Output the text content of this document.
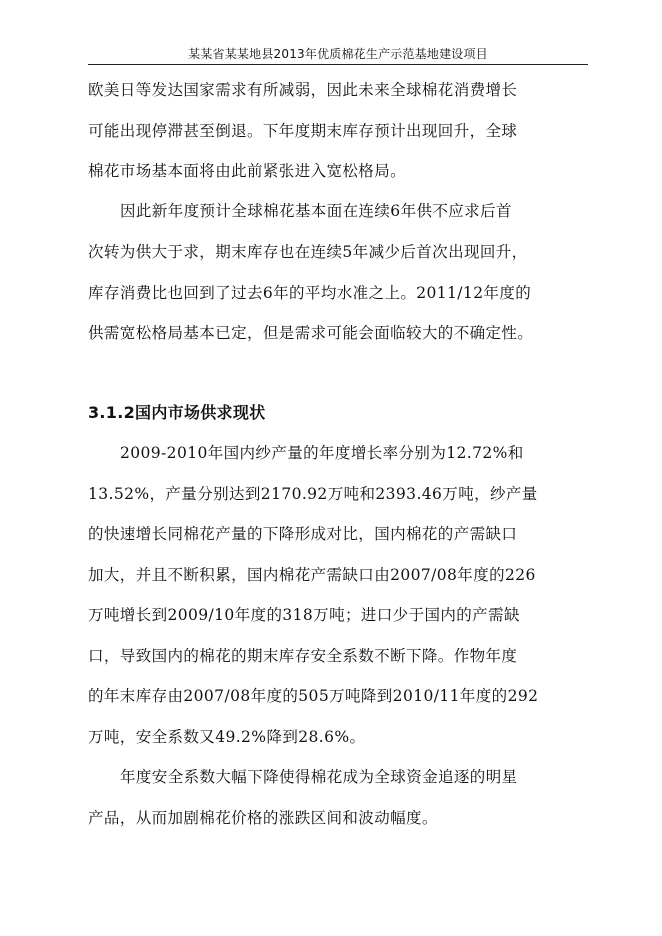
某某省某某地县2013年优质棉花生产示范基地建设项目
欧美日等发达国家需求有所减弱，因此未来全球棉花消费增长
可能出现停滞甚至倒退。下年度期末库存预计出现回升，全球
棉花市场基本面将由此前紧张进入宽松格局。
因此新年度预计全球棉花基本面在连续6年供不应求后首
次转为供大于求，期末库存也在连续5年减少后首次出现回升，
库存消费比也回到了过去6年的平均水准之上。2011/12年度的
供需宽松格局基本已定，但是需求可能会面临较大的不确定性。
3.1.2国内市场供求现状
2009-2010年国内纱产量的年度增长率分别为12.72%和
13.52%，产量分别达到2170.92万吨和2393.46万吨，纱产量
的快速增长同棉花产量的下降形成对比，国内棉花的产需缺口
加大，并且不断积累，国内棉花产需缺口由2007/08年度的226
万吨增长到2009/10年度的318万吨；进口少于国内的产需缺
口，导致国内的棉花的期末库存安全系数不断下降。作物年度
的年末库存由2007/08年度的505万吨降到2010/11年度的292
万吨，安全系数又49.2%降到28.6%。
年度安全系数大幅下降使得棉花成为全球资金追逐的明星
产品，从而加剧棉花价格的涨跌区间和波动幅度。
